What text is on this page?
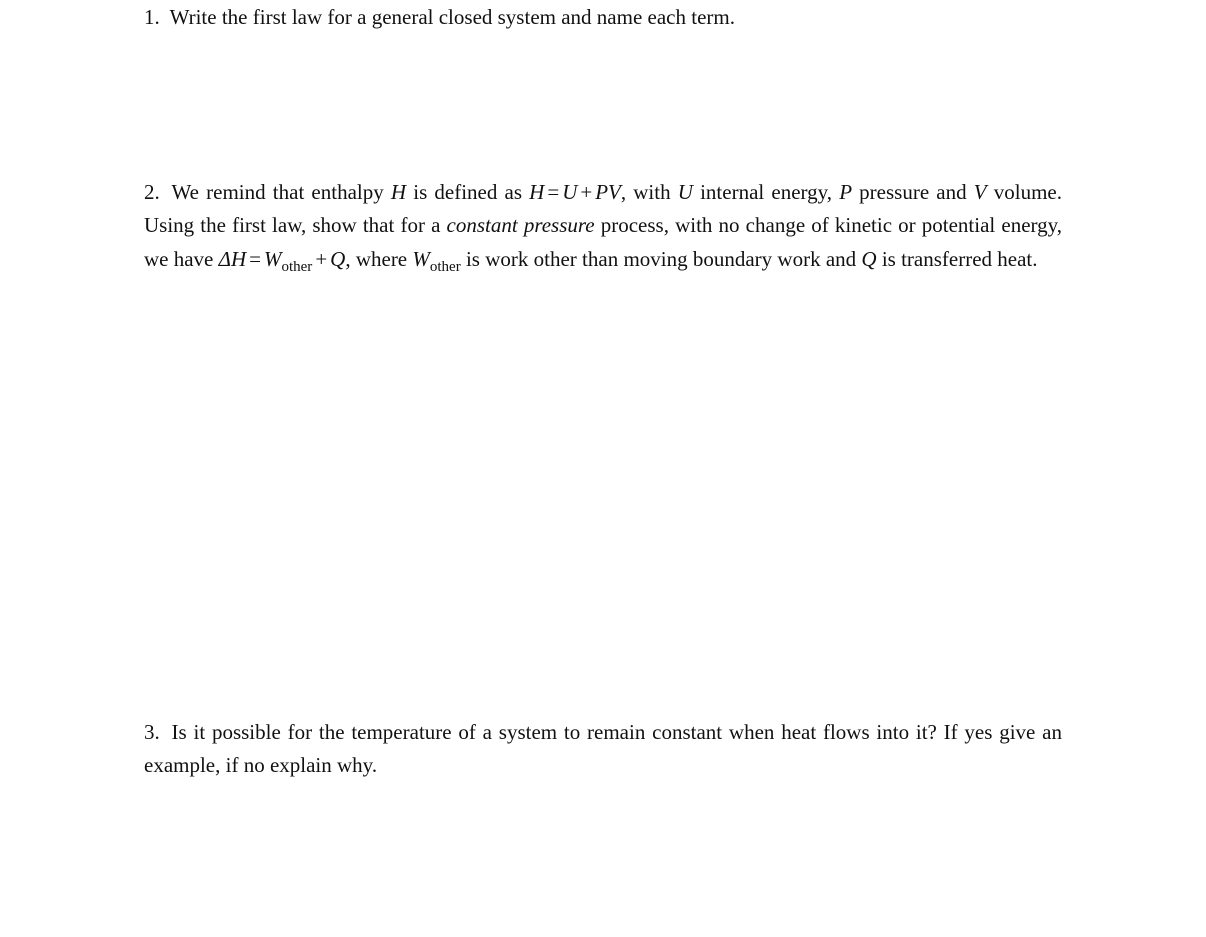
1. Write the first law for a general closed system and name each term.

2. We remind that enthalpy H is defined as H = U + PV, with U internal energy, P pressure and V volume. Using the first law, show that for a constant pressure process, with no change of kinetic or potential energy, we have $\Delta H = W_{other} + Q$, where $W_{other}$ is work other than moving boundary work and Q is transferred heat.

3. Is it possible for the temperature of a system to remain constant when heat flows into it? If yes give an example, if no explain why.
